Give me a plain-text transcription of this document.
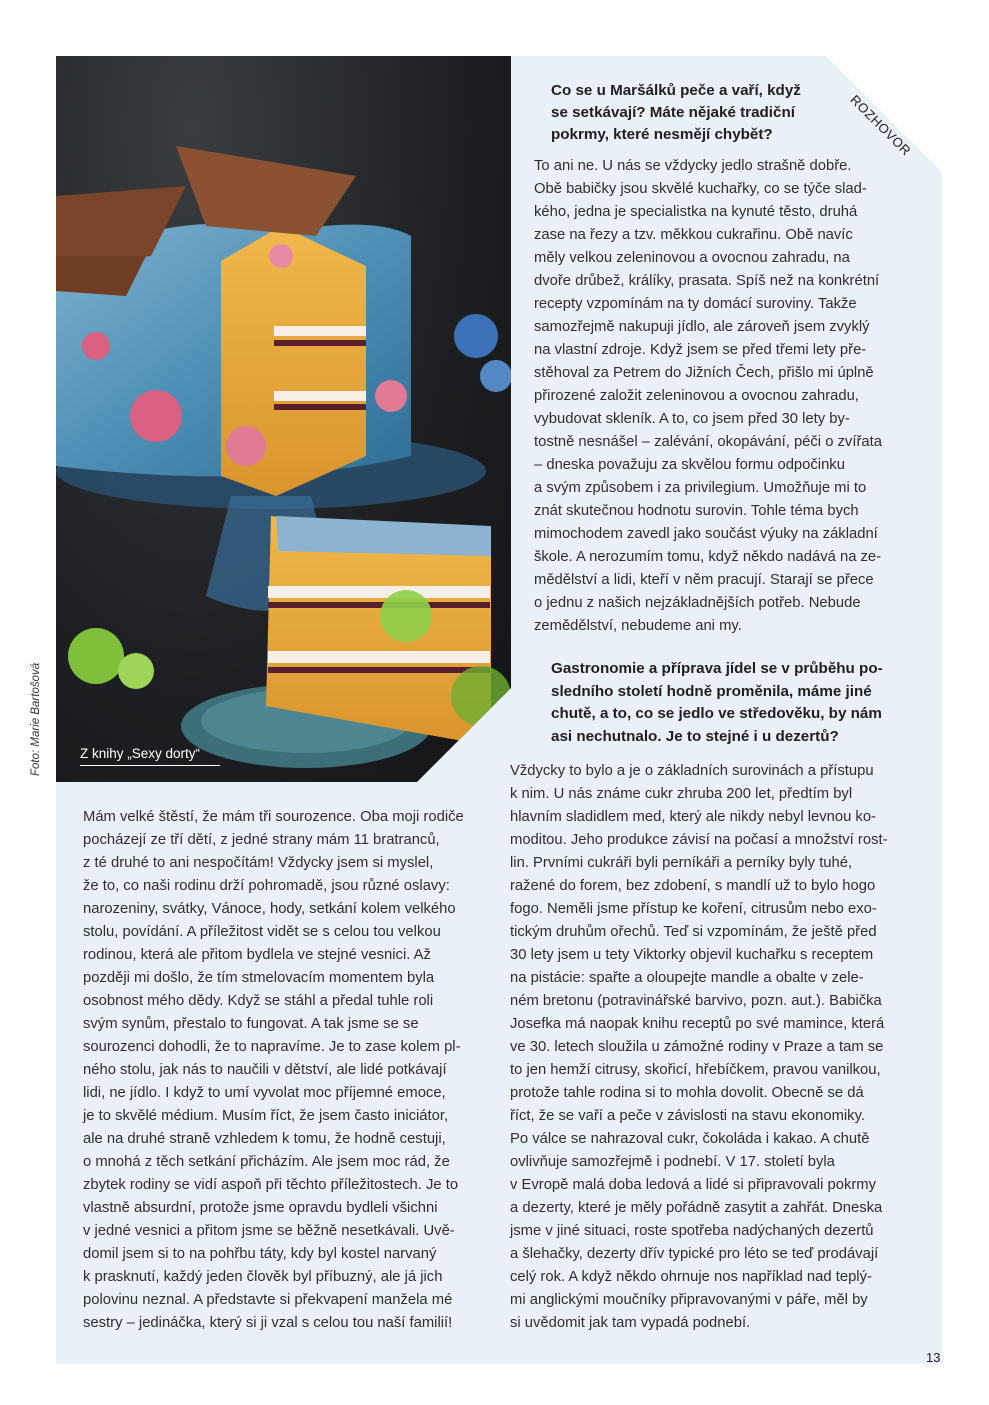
Z knihy „Sexy dorty“
Foto: Marie Bartošová
ROZHOVOR
Co se u Maršálků peče a vaří, když
se setkávají? Máte nějaké tradiční
pokrmy, které nesmějí chybět?
To ani ne. U nás se vždycky jedlo strašně dobře.
Obě babičky jsou skvělé kuchařky, co se týče slad-
kého, jedna je specialistka na kynuté těsto, druhá
zase na řezy a tzv. měkkou cukrařinu. Obě navíc
měly velkou zeleninovou a ovocnou zahradu, na
dvoře drůbež, králíky, prasata. Spíš než na konkrétní
recepty vzpomínám na ty domácí suroviny. Takže
samozřejmě nakupuji jídlo, ale zároveň jsem zvyklý
na vlastní zdroje. Když jsem se před třemi lety pře-
stěhoval za Petrem do Jižních Čech, přišlo mi úplně
přirozené založit zeleninovou a ovocnou zahradu,
vybudovat skleník. A to, co jsem před 30 lety by-
tostně nesnášel – zalévání, okopávání, péči o zvířata
– dneska považuju za skvělou formu odpočinku
a svým způsobem i za privilegium. Umožňuje mi to
znát skutečnou hodnotu surovin. Tohle téma bych
mimochodem zavedl jako součást výuky na základní
škole. A nerozumím tomu, když někdo nadává na ze-
mědělství a lidi, kteří v něm pracují. Starají se přece
o jednu z našich nejzákladnějších potřeb. Nebude
zemědělství, nebudeme ani my.
Gastronomie a příprava jídel se v průběhu po-
sledního století hodně proměnila, máme jiné
chutě, a to, co se jedlo ve středověku, by nám
asi nechutnalo. Je to stejné i u dezertů?
Vždycky to bylo a je o základních surovinách a přístupu
k nim. U nás známe cukr zhruba 200 let, předtím byl
hlavním sladidlem med, který ale nikdy nebyl levnou ko-
moditou. Jeho produkce závisí na počasí a množství rost-
lin. Prvními cukráři byli perníkáři a perníky byly tuhé,
ražené do forem, bez zdobení, s mandlí už to bylo hogo
fogo. Neměli jsme přístup ke koření, citrusům nebo exo-
tickým druhům ořechů. Teď si vzpomínám, že ještě před
30 lety jsem u tety Viktorky objevil kuchařku s receptem
na pistácie: spařte a oloupejte mandle a obalte v zele-
ném bretonu (potravinářské barvivo, pozn. aut.). Babička
Josefka má naopak knihu receptů po své mamince, která
ve 30. letech sloužila u zámožné rodiny v Praze a tam se
to jen hemží citrusy, skořicí, hřebíčkem, pravou vanilkou,
protože tahle rodina si to mohla dovolit. Obecně se dá
říct, že se vaří a peče v závislosti na stavu ekonomiky.
Po válce se nahrazoval cukr, čokoláda i kakao. A chutě
ovlivňuje samozřejmě i podnebí. V 17. století byla
v Evropě malá doba ledová a lidé si připravovali pokrmy
a dezerty, které je měly pořádně zasytit a zahřát. Dneska
jsme v jiné situaci, roste spotřeba nadýchaných dezertů
a šlehačky, dezerty dřív typické pro léto se teď prodávají
celý rok. A když někdo ohrnuje nos například nad teplý-
mi anglickými moučníky připravovanými v páře, měl by
si uvědomit jak tam vypadá podnebí.
Mám velké štěstí, že mám tři sourozence. Oba moji rodiče
pocházejí ze tří dětí, z jedné strany mám 11 bratranců,
z té druhé to ani nespočítám! Vždycky jsem si myslel,
že to, co naši rodinu drží pohromadě, jsou různé oslavy:
narozeniny, svátky, Vánoce, hody, setkání kolem velkého
stolu, povídání. A příležitost vidět se s celou tou velkou
rodinou, která ale přitom bydlela ve stejné vesnici. Až
později mi došlo, že tím stmelovacím momentem byla
osobnost mého dědy. Když se stáhl a předal tuhle roli
svým synům, přestalo to fungovat. A tak jsme se se
sourozenci dohodli, že to napravíme. Je to zase kolem pl-
ného stolu, jak nás to naučili v dětství, ale lidé potkávají
lidi, ne jídlo. I když to umí vyvolat moc příjemné emoce,
je to skvělé médium. Musím říct, že jsem často iniciátor,
ale na druhé straně vzhledem k tomu, že hodně cestuji,
o mnohá z těch setkání přicházím. Ale jsem moc rád, že
zbytek rodiny se vidí aspoň při těchto příležitostech. Je to
vlastně absurdní, protože jsme opravdu bydleli všichni
v jedné vesnici a přitom jsme se běžně nesetkávali. Uvě-
domil jsem si to na pohřbu táty, kdy byl kostel narvaný
k prasknutí, každý jeden člověk byl příbuzný, ale já jich
polovinu neznal. A představte si překvapení manžela mé
sestry – jedináčka, který si ji vzal s celou tou naší familií!
13
